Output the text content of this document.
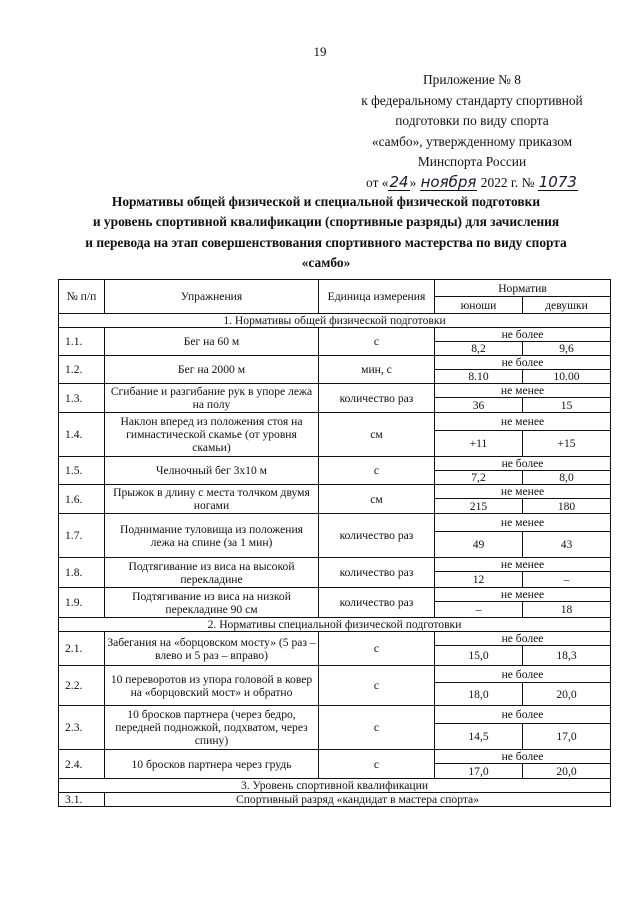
19
Приложение № 8
к федеральному стандарту спортивной
подготовки по виду спорта
«самбо», утвержденному приказом
Минспорта России
от «24» ноября 2022 г. № 1073
Нормативы общей физической и специальной физической подготовки
и уровень спортивной квалификации (спортивные разряды) для зачисления
и перевода на этап совершенствования спортивного мастерства по виду спорта
«самбо»
№ п/п	Упражнения	Единица измерения	Норматив	
			юноши	девушки
1. Нормативы общей физической подготовки				
1.1.	Бег на 60 м	с	не более	
			8,2	9,6
1.2.	Бег на 2000 м	мин, с	не более	
			8.10	10.00
1.3.	Сгибание и разгибание рук в упоре лежа на полу	количество раз	не менее	
			36	15
1.4.	Наклон вперед из положения стоя на гимнастической скамье (от уровня скамьи)	см	не менее	
			+11	+15
1.5.	Челночный бег 3х10 м	с	не более	
			7,2	8,0
1.6.	Прыжок в длину с места толчком двумя ногами	см	не менее	
			215	180
1.7.	Поднимание туловища из положения лежа на спине (за 1 мин)	количество раз	не менее	
			49	43
1.8.	Подтягивание из виса на высокой перекладине	количество раз	не менее	
			12	–
1.9.	Подтягивание из виса на низкой перекладине 90 см	количество раз	не менее	
			–	18
2. Нормативы специальной физической подготовки				
2.1.	Забегания на «борцовском мосту» (5 раз – влево и 5 раз – вправо)	с	не более	
			15,0	18,3
2.2.	10 переворотов из упора головой в ковер на «борцовский мост» и обратно	с	не более	
			18,0	20,0
2.3.	10 бросков партнера (через бедро, передней подножкой, подхватом, через спину)	с	не более	
			14,5	17,0
2.4.	10 бросков партнера через грудь	с	не более	
			17,0	20,0
3. Уровень спортивной квалификации				
3.1.	Спортивный разряд «кандидат в мастера спорта»			
